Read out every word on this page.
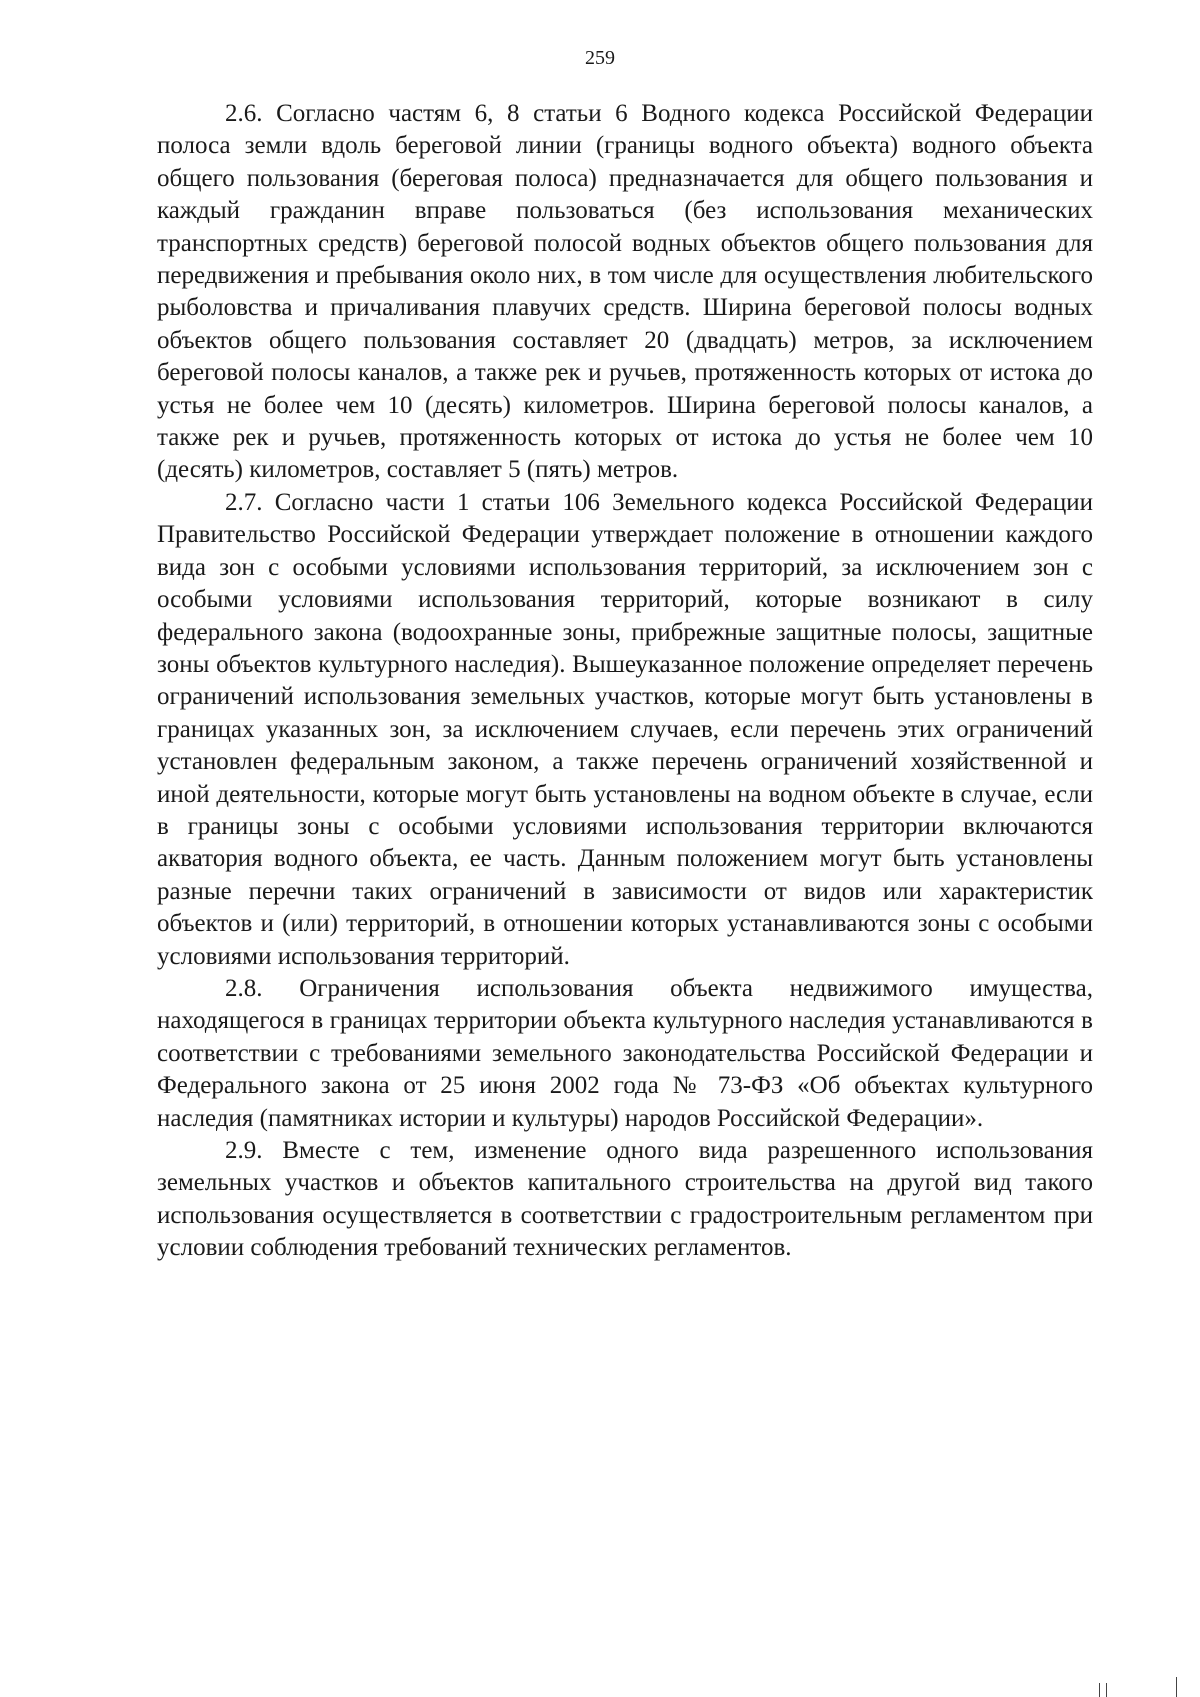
259

2.6. Согласно частям 6, 8 статьи 6 Водного кодекса Российской Федерации полоса земли вдоль береговой линии (границы водного объекта) водного объекта общего пользования (береговая полоса) предназначается для общего пользования и каждый гражданин вправе пользоваться (без использования механических транспортных средств) береговой полосой водных объектов общего пользования для передвижения и пребывания около них, в том числе для осуществления любительского рыболовства и причаливания плавучих средств. Ширина береговой полосы водных объектов общего пользования составляет 20 (двадцать) метров, за исключением береговой полосы каналов, а также рек и ручьев, протяженность которых от истока до устья не более чем 10 (десять) километров. Ширина береговой полосы каналов, а также рек и ручьев, протяженность которых от истока до устья не более чем 10 (десять) километров, составляет 5 (пять) метров.

2.7. Согласно части 1 статьи 106 Земельного кодекса Российской Федерации Правительство Российской Федерации утверждает положение в отношении каждого вида зон с особыми условиями использования территорий, за исключением зон с особыми условиями использования территорий, которые возникают в силу федерального закона (водоохранные зоны, прибрежные защитные полосы, защитные зоны объектов культурного наследия). Вышеуказанное положение определяет перечень ограничений использования земельных участков, которые могут быть установлены в границах указанных зон, за исключением случаев, если перечень этих ограничений установлен федеральным законом, а также перечень ограничений хозяйственной и иной деятельности, которые могут быть установлены на водном объекте в случае, если в границы зоны с особыми условиями использования территории включаются акватория водного объекта, ее часть. Данным положением могут быть установлены разные перечни таких ограничений в зависимости от видов или характеристик объектов и (или) территорий, в отношении которых устанавливаются зоны с особыми условиями использования территорий.

2.8. Ограничения использования объекта недвижимого имущества, находящегося в границах территории объекта культурного наследия устанавливаются в соответствии с требованиями земельного законодательства Российской Федерации и Федерального закона от 25 июня 2002 года № 73-ФЗ «Об объектах культурного наследия (памятниках истории и культуры) народов Российской Федерации».

2.9. Вместе с тем, изменение одного вида разрешенного использования земельных участков и объектов капитального строительства на другой вид такого использования осуществляется в соответствии с градостроительным регламентом при условии соблюдения требований технических регламентов.
